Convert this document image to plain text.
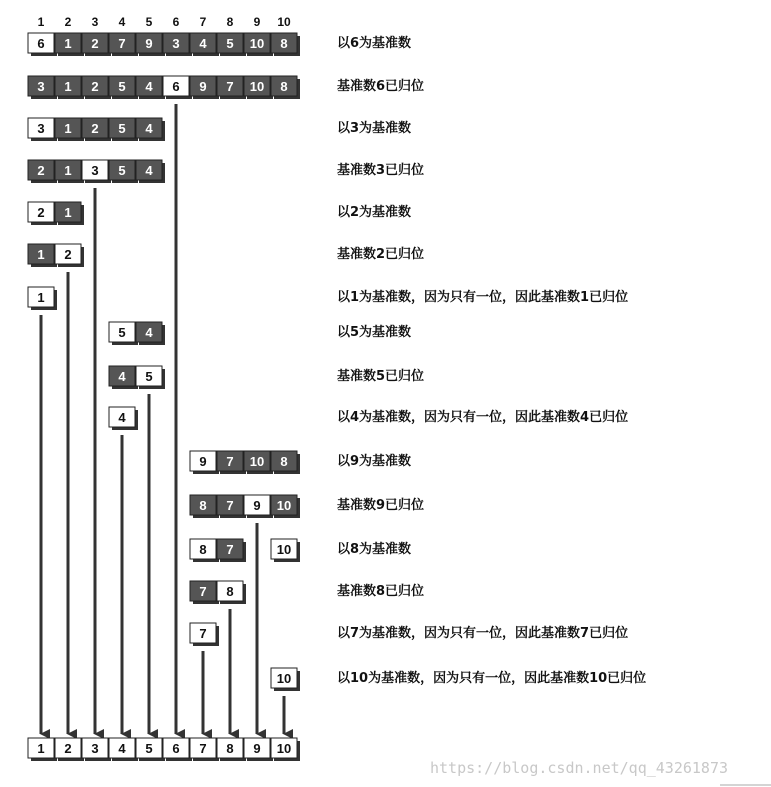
1 2 3 4 5 6 7 8 9 10
6 1 2 7 9 3 4 5 10 8	以6为基准数
3 1 2 5 4 6 9 7 10 8	基准数6已归位
3 1 2 5 4	以3为基准数
2 1 3 5 4	基准数3已归位
2 1	以2为基准数
1 2	基准数2已归位
1	以1为基准数，因为只有一位，因此基准数1已归位
5 4	以5为基准数
4 5	基准数5已归位
4	以4为基准数，因为只有一位，因此基准数4已归位
9 7 10 8	以9为基准数
8 7 9 10	基准数9已归位
8 7	10	以8为基准数
7 8	基准数8已归位
7	以7为基准数，因为只有一位，因此基准数7已归位
10	以10为基准数，因为只有一位，因此基准数10已归位
1 2 3 4 5 6 7 8 9 10
https://blog.csdn.net/qq_43261873
